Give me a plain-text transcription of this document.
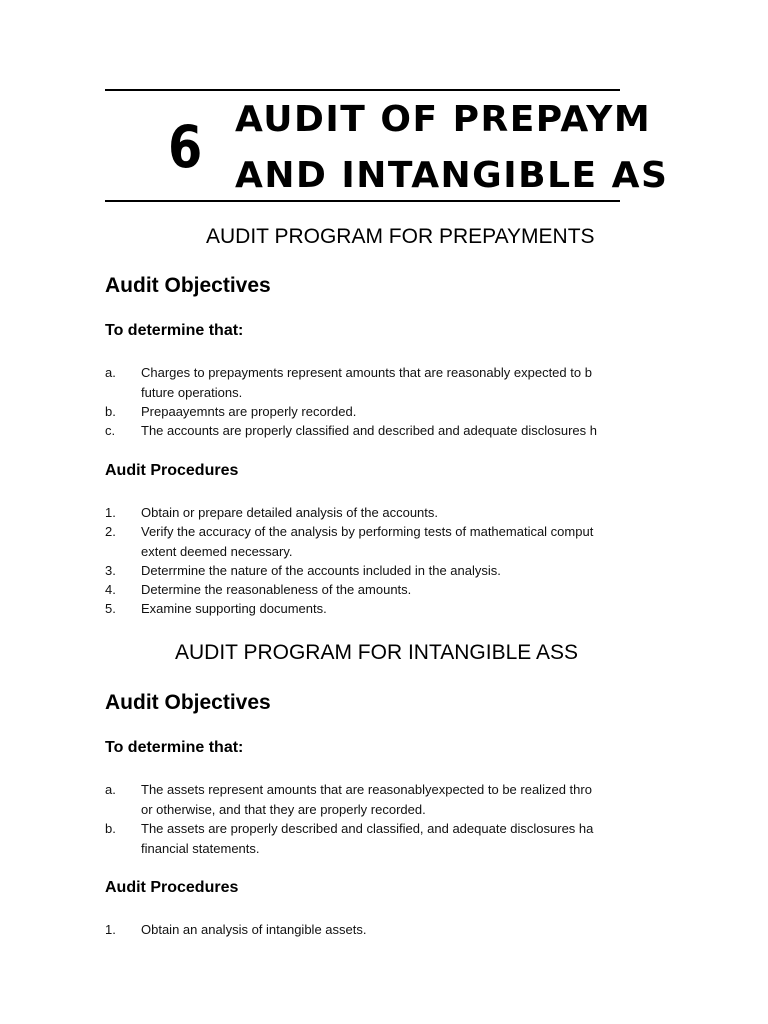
6 AUDIT OF PREPAYM
AND INTANGIBLE AS
AUDIT PROGRAM FOR PREPAYMENTS
Audit Objectives
To determine that:
a. Charges to prepayments represent amounts that are reasonably expected to b
future operations.
b. Prepaayemnts are properly recorded.
c. The accounts are properly classified and described and adequate disclosures h
Audit Procedures
1. Obtain or prepare detailed analysis of the accounts.
2. Verify the accuracy of the analysis by performing tests of mathematical comput
extent deemed necessary.
3. Deterrmine the nature of the accounts included in the analysis.
4. Determine the reasonableness of the amounts.
5. Examine supporting documents.
AUDIT PROGRAM FOR INTANGIBLE ASS
Audit Objectives
To determine that:
a. The assets represent amounts that are reasonablyexpected to be realized thro
or otherwise, and that they are properly recorded.
b. The assets are properly described and classified, and adequate disclosures ha
financial statements.
Audit Procedures
1. Obtain an analysis of intangible assets.
